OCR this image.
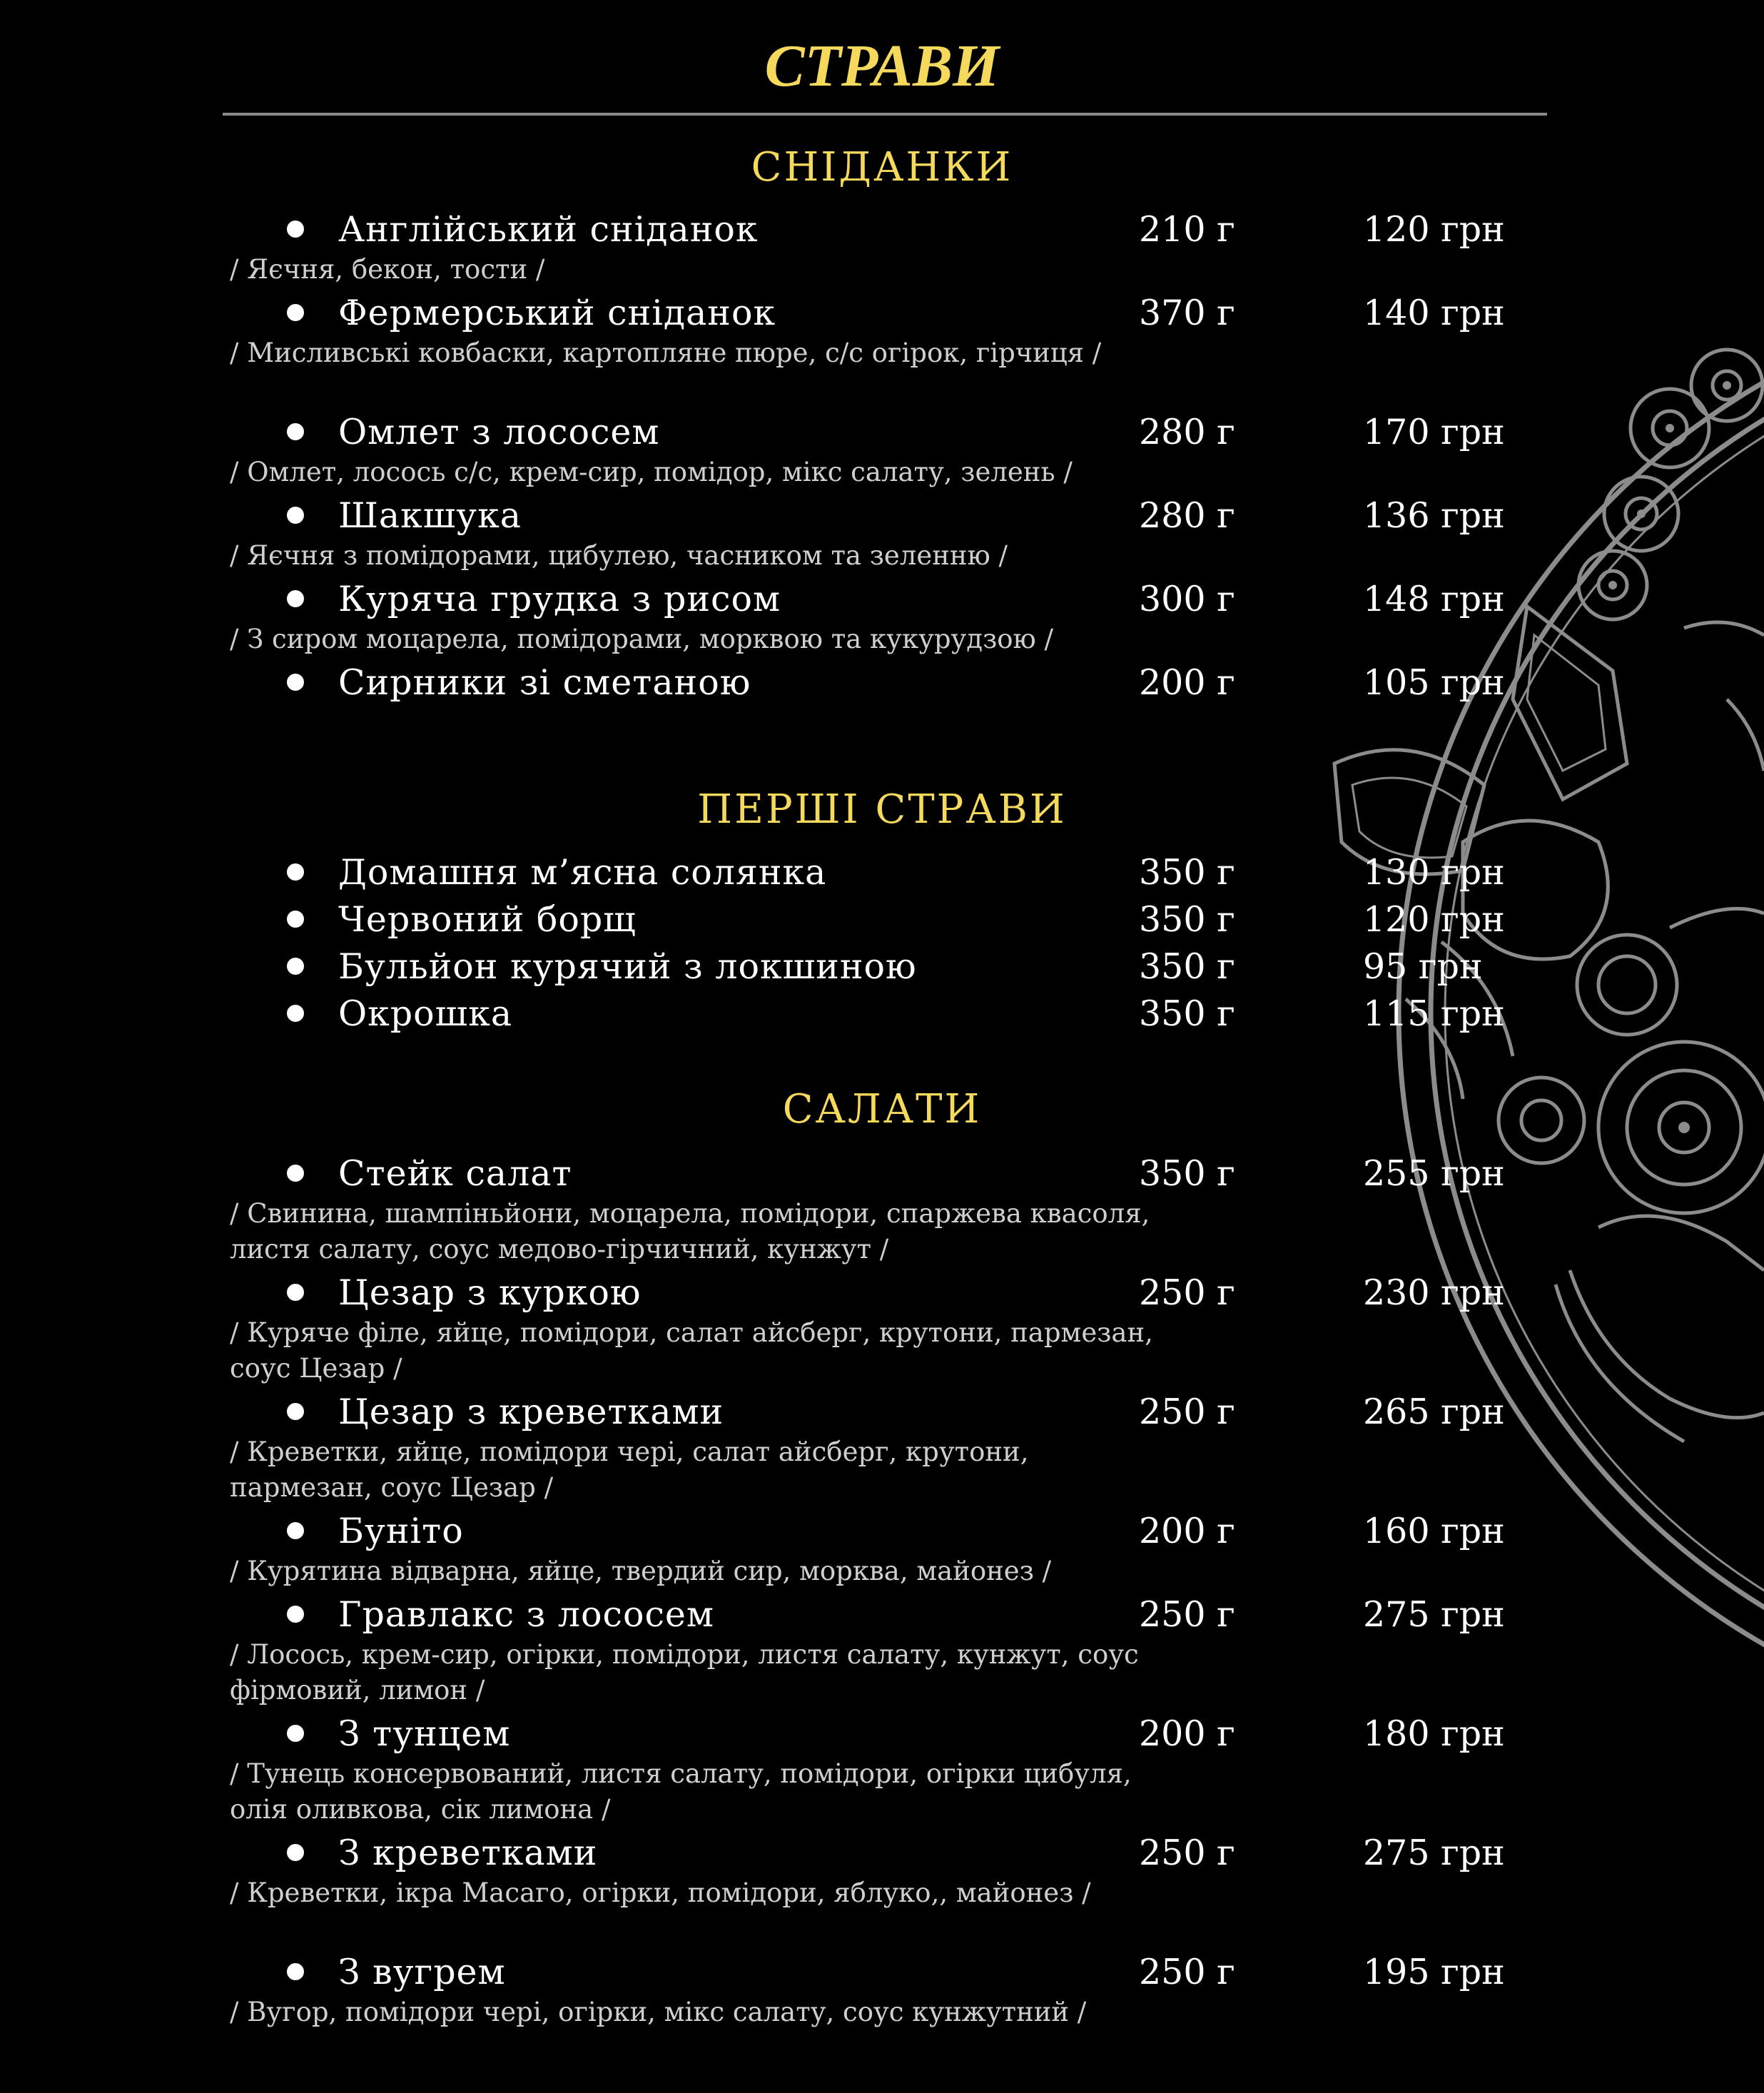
СТРАВИ
СНІДАНКИ
Англійський сніданок	210 г	120 грн
/ Яєчня, бекон, тости /
Фермерський сніданок	370 г	140 грн
/ Мисливські ковбаски, картопляне пюре, с/с огірок, гірчиця /
Омлет з лососем	280 г	170 грн
/ Омлет, лосось с/с, крем-сир, помідор, мікс салату, зелень /
Шакшука	280 г	136 грн
/ Яєчня з помідорами, цибулею, часником та зеленню /
Куряча грудка з рисом	300 г	148 грн
/ З сиром моцарела, помідорами, морквою та кукурудзою /
Сирники зі сметаною	200 г	105 грн
ПЕРШІ СТРАВИ
Домашня м’ясна солянка	350 г	130 грн
Червоний борщ	350 г	120 грн
Бульйон курячий з локшиною	350 г	95 грн
Окрошка	350 г	115 грн
САЛАТИ
Стейк салат	350 г	255 грн
/ Свинина, шампіньйони, моцарела, помідори, спаржева квасоля, листя салату, соус медово-гірчичний, кунжут /
Цезар з куркою	250 г	230 грн
/ Куряче філе, яйце, помідори, салат айсберг, крутони, пармезан, соус Цезар /
Цезар з креветками	250 г	265 грн
/ Креветки, яйце, помідори чері, салат айсберг, крутони, пармезан, соус Цезар /
Буніто	200 г	160 грн
/ Курятина відварна, яйце, твердий сир, морква, майонез /
Гравлакс з лососем	250 г	275 грн
/ Лосось, крем-сир, огірки, помідори, листя салату, кунжут, соус фірмовий, лимон /
З тунцем	200 г	180 грн
/ Тунець консервований, листя салату, помідори, огірки цибуля, олія оливкова, сік лимона /
З креветками	250 г	275 грн
/ Креветки, ікра Масаго, огірки, помідори, яблуко,, майонез /
З вугрем	250 г	195 грн
/ Вугор, помідори чері, огірки, мікс салату, соус кунжутний /
